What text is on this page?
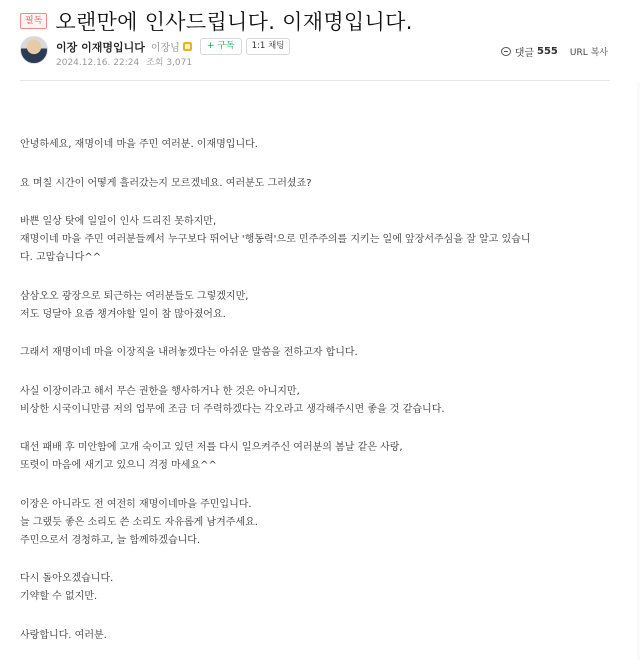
필독 오랜만에 인사드립니다. 이재명입니다.
이장 이재명입니다 이장님	+ 구독	1:1 채팅
2024.12.16. 22:24 조회 3,071
댓글 555 URL 복사
안녕하세요, 재명이네 마을 주민 여러분. 이재명입니다.
요 며칠 시간이 어떻게 흘러갔는지 모르겠네요. 여러분도 그러셨죠?
바쁜 일상 탓에 일일이 인사 드리진 못하지만,
재명이네 마을 주민 여러분들께서 누구보다 뛰어난 '행동력'으로 민주주의를 지키는 일에 앞장서주심을 잘 알고 있습니
다. 고맙습니다^^
삼삼오오 광장으로 퇴근하는 여러분들도 그렇겠지만,
저도 덩달아 요즘 챙겨야할 일이 참 많아졌어요.
그래서 재명이네 마을 이장직을 내려놓겠다는 아쉬운 말씀을 전하고자 합니다.
사실 이장이라고 해서 무슨 권한을 행사하거나 한 것은 아니지만,
비상한 시국이니만큼 저의 업무에 조금 더 주력하겠다는 각오라고 생각해주시면 좋을 것 같습니다.
대선 패배 후 미안함에 고개 숙이고 있던 저를 다시 일으켜주신 여러분의 봄날 같은 사랑,
또렷이 마음에 새기고 있으니 걱정 마세요^^
이장은 아니라도 전 여전히 재명이네마을 주민입니다.
늘 그랬듯 좋은 소리도 쓴 소리도 자유롭게 남겨주세요.
주민으로서 경청하고, 늘 함께하겠습니다.
다시 돌아오겠습니다.
기약할 수 없지만.
사랑합니다. 여러분.
